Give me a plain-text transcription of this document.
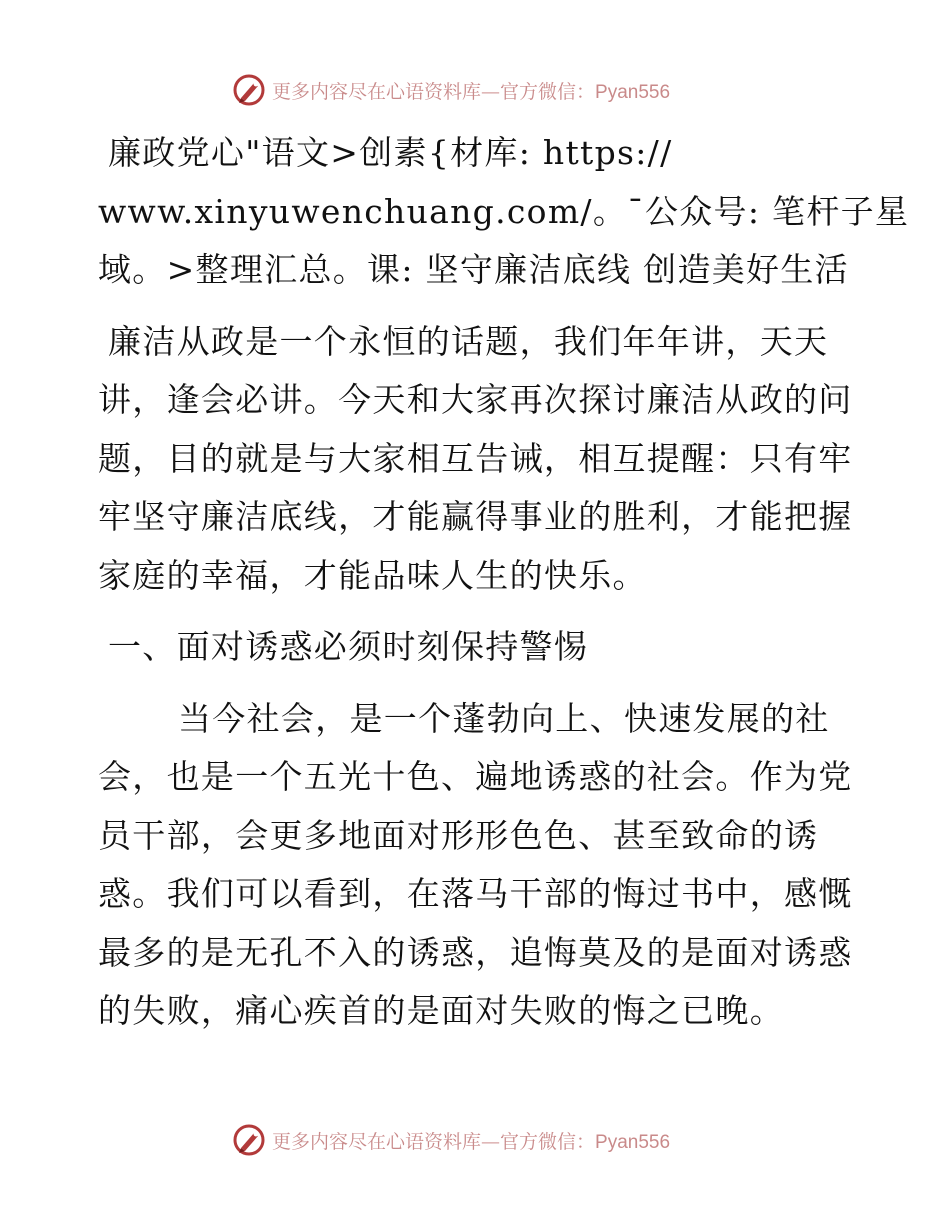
更多内容尽在心语资料库—官方微信：Pyan556
廉政党心"语文>创素{材库: https://
www.xinyuwenchuang.com/。¯公众号: 笔杆子星
域。>整理汇总。课: 坚守廉洁底线 创造美好生活
廉洁从政是一个永恒的话题，我们年年讲，天天
讲，逢会必讲。今天和大家再次探讨廉洁从政的问
题，目的就是与大家相互告诫，相互提醒：只有牢
牢坚守廉洁底线，才能赢得事业的胜利，才能把握
家庭的幸福，才能品味人生的快乐。
一、面对诱惑必须时刻保持警惕
当今社会，是一个蓬勃向上、快速发展的社
会，也是一个五光十色、遍地诱惑的社会。作为党
员干部，会更多地面对形形色色、甚至致命的诱
惑。我们可以看到，在落马干部的悔过书中，感慨
最多的是无孔不入的诱惑，追悔莫及的是面对诱惑
的失败，痛心疾首的是面对失败的悔之已晚。
更多内容尽在心语资料库—官方微信：Pyan556
